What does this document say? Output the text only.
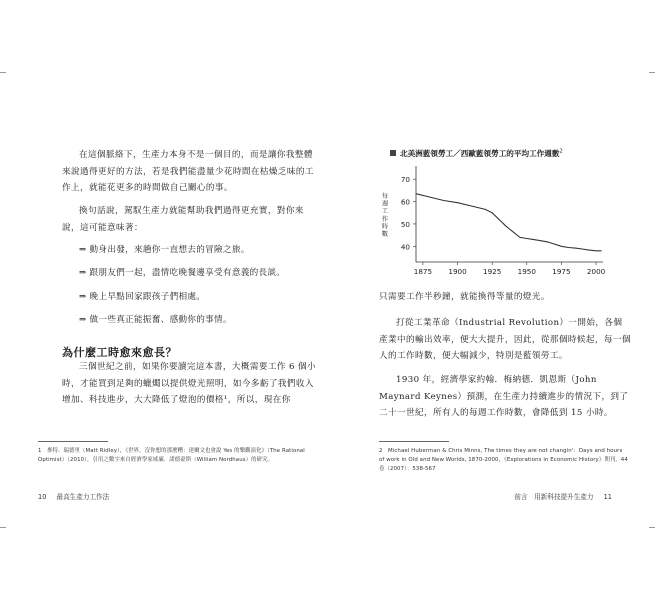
在這個脈絡下，生產力本身不是一個目的，而是讓你我整體來說過得更好的方法，若是我們能盡量少花時間在枯燥乏味的工作上，就能花更多的時間做自己關心的事。

換句話說，駕馭生產力就能幫助我們過得更充實，對你來說，這可能意味著：

⇒ 動身出發，來趟你一直想去的冒險之旅。
⇒ 跟朋友們一起，盡情吃晚餐邊享受有意義的長談。
⇒ 晚上早點回家跟孩子們相處。
⇒ 做一些真正能振奮、感動你的事情。
為什麼工時愈來愈長？

三個世紀之前，如果你要讀完這本書，大概需要工作 6 個小時，才能買到足夠的蠟燭以提供燈光照明，如今多虧了我們收入增加、科技進步，大大降低了燈泡的價格¹，所以，現在你

1　麥特．瑞德里（Matt Ridley），《世界，沒你想的那麼糟：達爾文也會說 Yes 的樂觀演化》（The Rational Optimist）（2010），引用之數字來自經濟學家威廉．諾德豪斯（William Nordhaus）的研究。
10 最高生產力工作法
北美洲藍領勞工／西歐藍領勞工的平均工作週數$^2$
40
50
60
70
1875 1900 1925 1950 1975 2000
每
週
工
作
時
數

只需要工作半秒鐘，就能換得等量的燈光。

打從工業革命（Industrial Revolution）一開始，各個產業中的輸出效率，便大大提升，因此，從那個時候起，每一個人的工作時數，便大幅減少，特別是藍領勞工。

1930 年，經濟學家約翰．梅納德．凱恩斯（John Maynard Keynes）預測，在生產力持續進步的情況下，到了二十一世紀，所有人的每週工作時數，會降低到 15 小時。

2　Michael Huberman & Chris Minns, The times they are not changin'：Days and hours of work in Old and New Worlds, 1870-2000，《Explorations in Economic History》期刊，44 卷（2007）：538-567
前言　用新科技提升生產力 11
